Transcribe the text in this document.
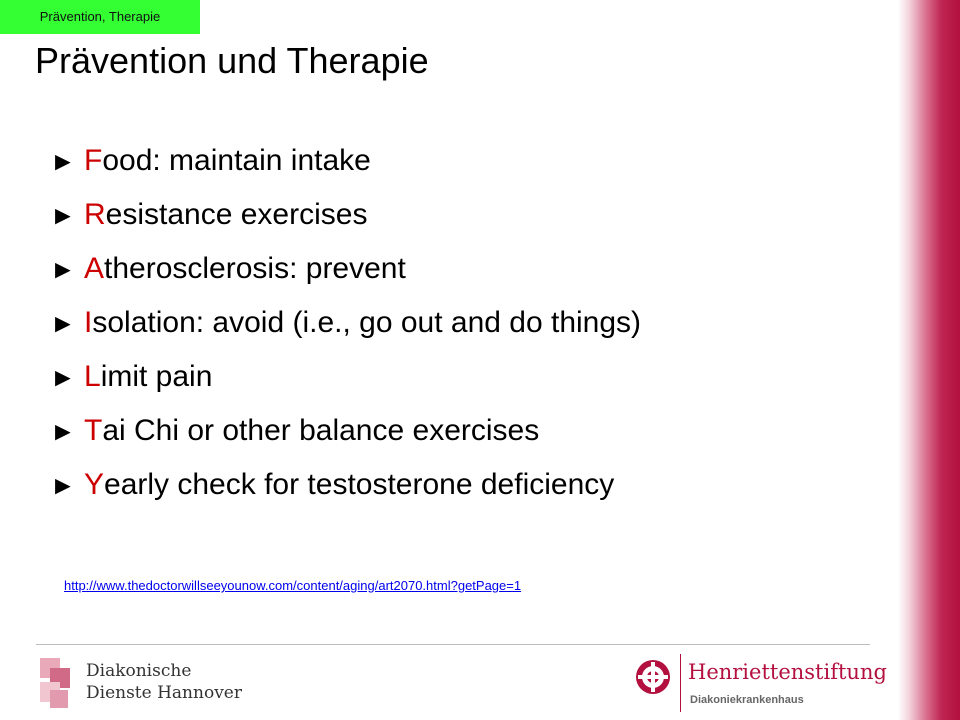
Prävention, Therapie
Prävention und Therapie
► F ood: maintain intake
► R esistance exercises
► A therosclerosis: prevent
► I solation: avoid (i.e., go out and do things)
► L imit pain
► T ai Chi or other balance exercises
► Y early check for testosterone deficiency
http://www.thedoctorwillseeyounow.com/content/aging/art2070.html?getPage=1
Diakonische
Dienste Hannover
Henriettenstiftung
Diakoniekrankenhaus
